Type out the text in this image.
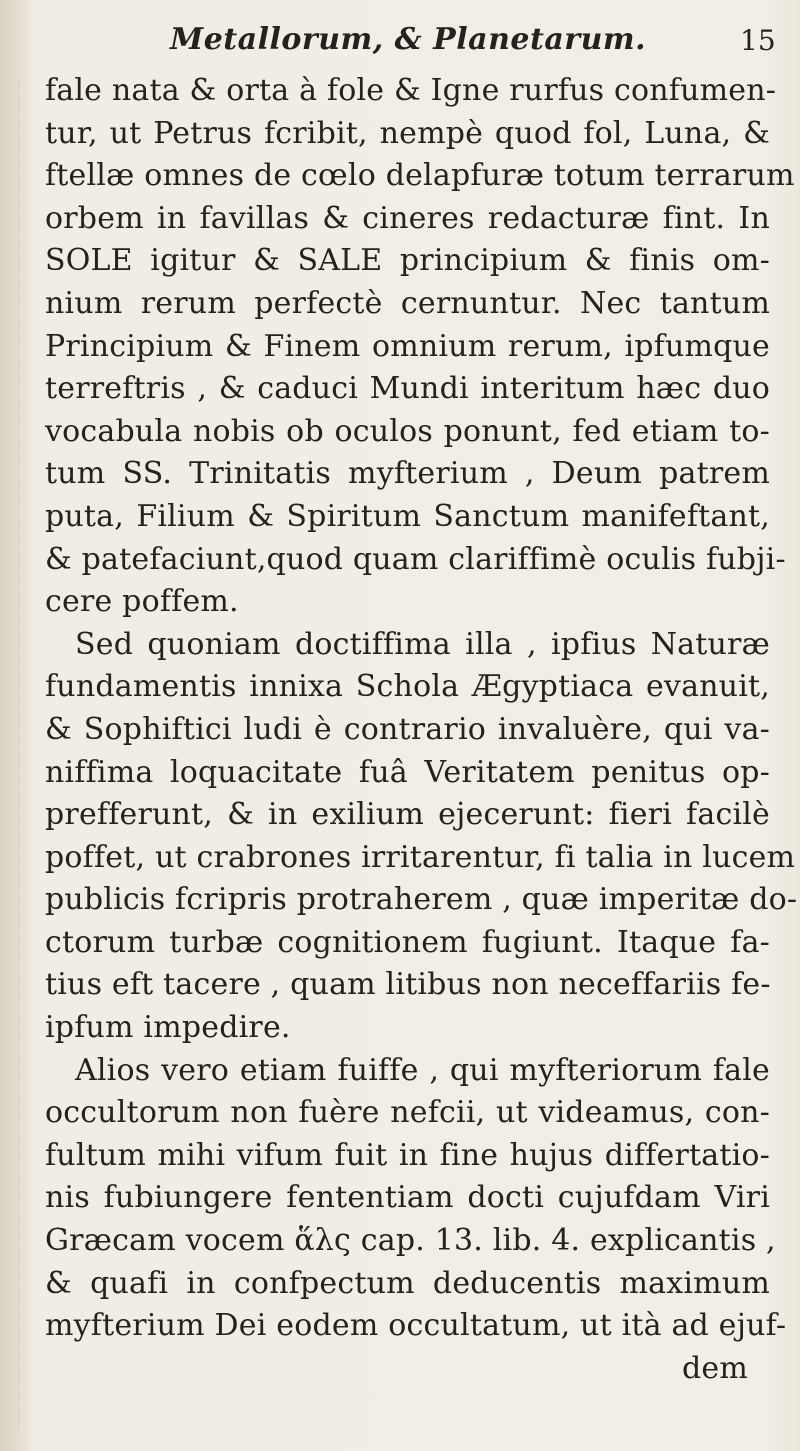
Metallorum, & Planetarum.	15
fale nata & orta à fole & Igne rurfus confumen-
tur, ut Petrus fcribit, nempè quod fol, Luna, &
ftellæ omnes de cœlo delapfuræ totum terrarum
orbem in favillas & cineres redacturæ fint. In
SOLE igitur & SALE principium & finis om-
nium rerum perfectè cernuntur. Nec tantum
Principium & Finem omnium rerum, ipfumque
terreftris , & caduci Mundi interitum hæc duo
vocabula nobis ob oculos ponunt, fed etiam to-
tum SS. Trinitatis myfterium , Deum patrem
puta, Filium & Spiritum Sanctum manifeftant,
& patefaciunt,quod quam clariffimè oculis fubji-
cere poffem.
Sed quoniam doctiffima illa , ipfius Naturæ
fundamentis innixa Schola Ægyptiaca evanuit,
& Sophiftici ludi è contrario invaluère, qui va-
niffima loquacitate fuâ Veritatem penitus op-
prefferunt, & in exilium ejecerunt: fieri facilè
poffet, ut crabrones irritarentur, fi talia in lucem
publicis fcripris protraherem , quæ imperitæ do-
ctorum turbæ cognitionem fugiunt. Itaque fa-
tius eft tacere , quam litibus non neceffariis fe-
ipfum impedire.
Alios vero etiam fuiffe , qui myfteriorum fale
occultorum non fuère nefcii, ut videamus, con-
fultum mihi vifum fuit in fine hujus differtatio-
nis fubiungere fententiam docti cujufdam Viri
Græcam vocem ἅλς cap. 13. lib. 4. explicantis ,
& quafi in confpectum deducentis maximum
myfterium Dei eodem occultatum, ut ità ad ejuf-
dem
